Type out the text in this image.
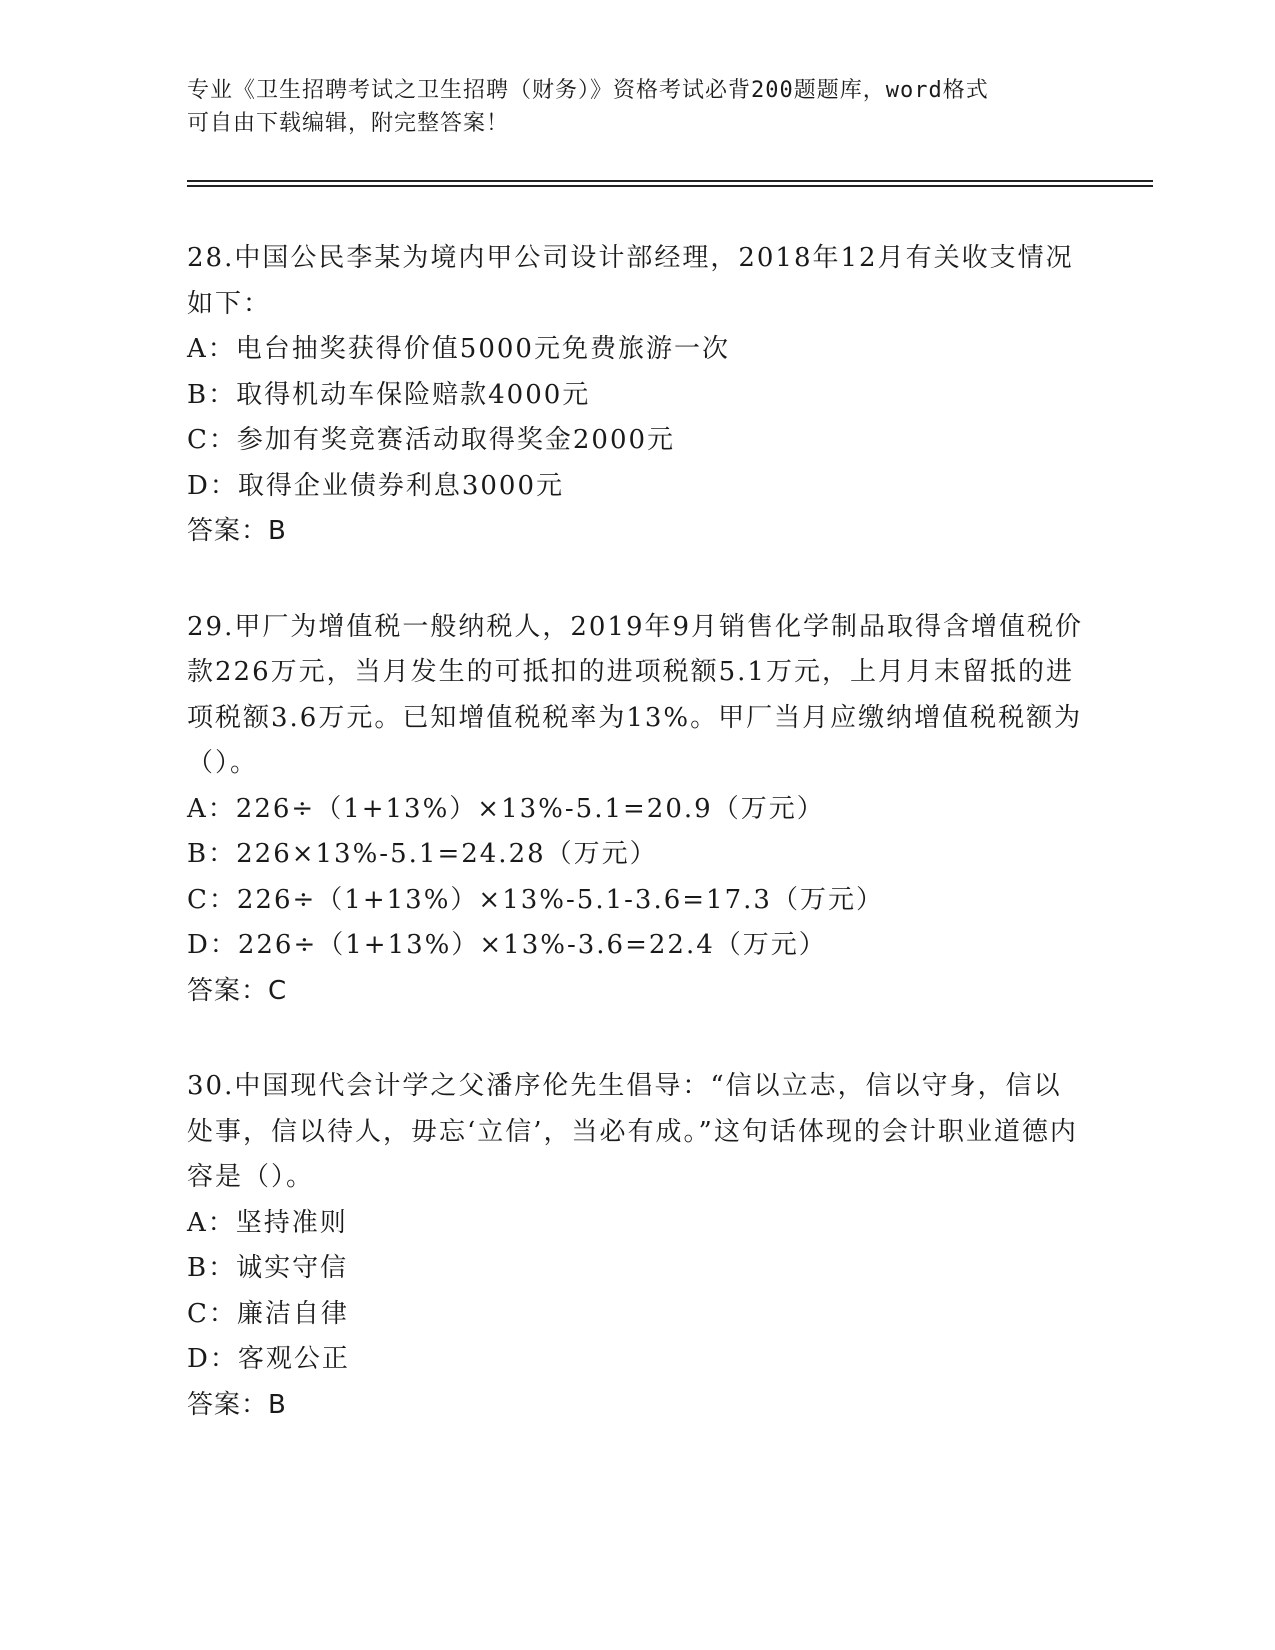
专业《卫生招聘考试之卫生招聘（财务）》资格考试必背200题题库，word格式
可自由下载编辑，附完整答案！
28.中国公民李某为境内甲公司设计部经理，2018年12月有关收支情况如下：
A：电台抽奖获得价值5000元免费旅游一次
B：取得机动车保险赔款4000元
C：参加有奖竞赛活动取得奖金2000元
D：取得企业债券利息3000元
答案：B
29.甲厂为增值税一般纳税人，2019年9月销售化学制品取得含增值税价款226万元，当月发生的可抵扣的进项税额5.1万元，上月月末留抵的进项税额3.6万元。已知增值税税率为13%。甲厂当月应缴纳增值税税额为（）。
A：226÷（1+13%）×13%-5.1=20.9（万元）
B：226×13%-5.1=24.28（万元）
C：226÷（1+13%）×13%-5.1-3.6=17.3（万元）
D：226÷（1+13%）×13%-3.6=22.4（万元）
答案：C
30.中国现代会计学之父潘序伦先生倡导：“信以立志，信以守身，信以处事，信以待人，毋忘‘立信’，当必有成。”这句话体现的会计职业道德内容是（）。
A：坚持准则
B：诚实守信
C：廉洁自律
D：客观公正
答案：B
